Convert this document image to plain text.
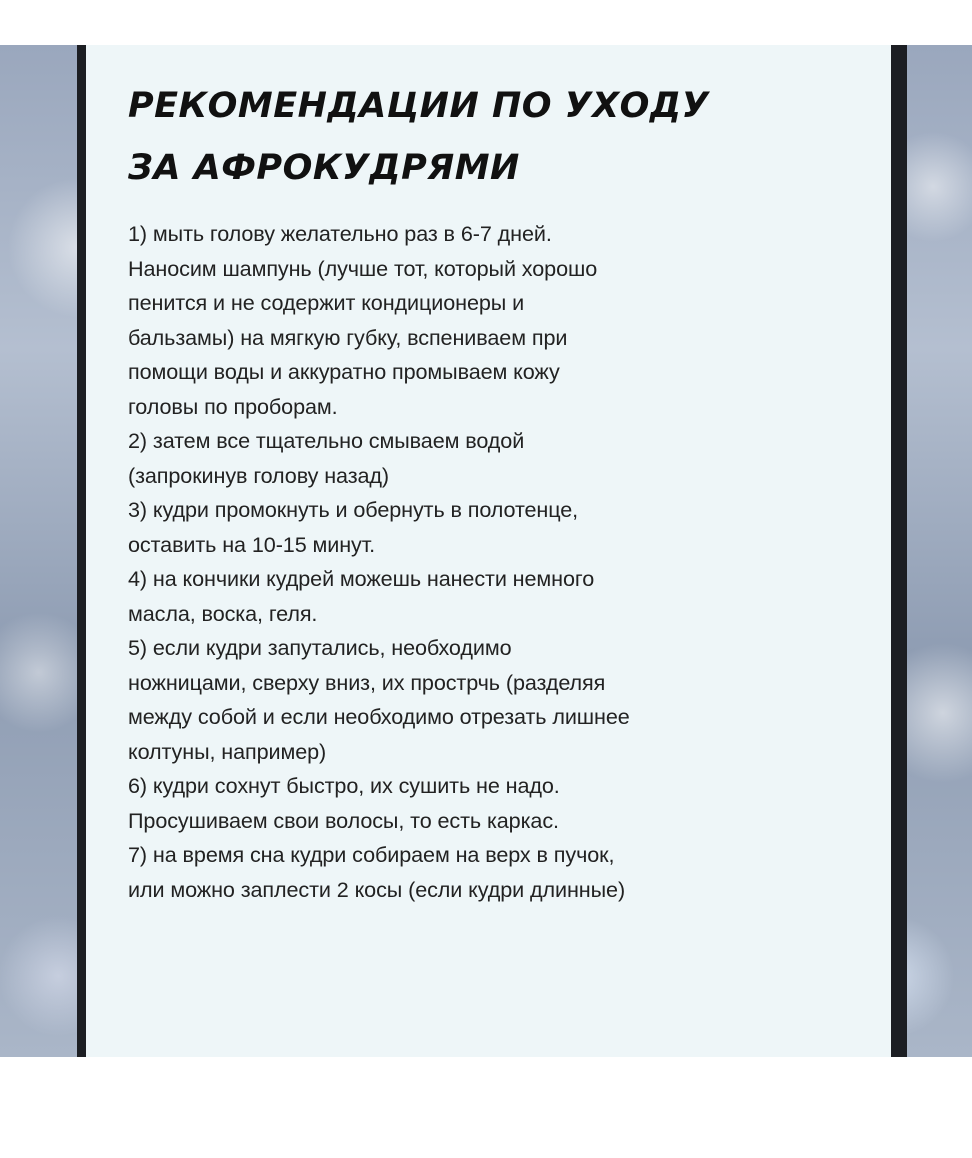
РЕКОМЕНДАЦИИ ПО УХОДУ
ЗА АФРОКУДРЯМИ
1) мыть голову желательно раз в 6-7 дней.
Наносим шампунь (лучше тот, который хорошо
пенится и не содержит кондиционеры и
бальзамы) на мягкую губку, вспениваем при
помощи воды и аккуратно промываем кожу
головы по проборам.
2) затем все тщательно смываем водой
(запрокинув голову назад)
3) кудри промокнуть и обернуть в полотенце,
оставить на 10-15 минут.
4) на кончики кудрей можешь нанести немного
масла, воска, геля.
5) если кудри запутались, необходимо
ножницами, сверху вниз, их прострчь (разделяя
между собой и если необходимо отрезать лишнее
колтуны, например)
6) кудри сохнут быстро, их сушить не надо.
Просушиваем свои волосы, то есть каркас.
7) на время сна кудри собираем на верх в пучок,
или можно заплести 2 косы (если кудри длинные)
